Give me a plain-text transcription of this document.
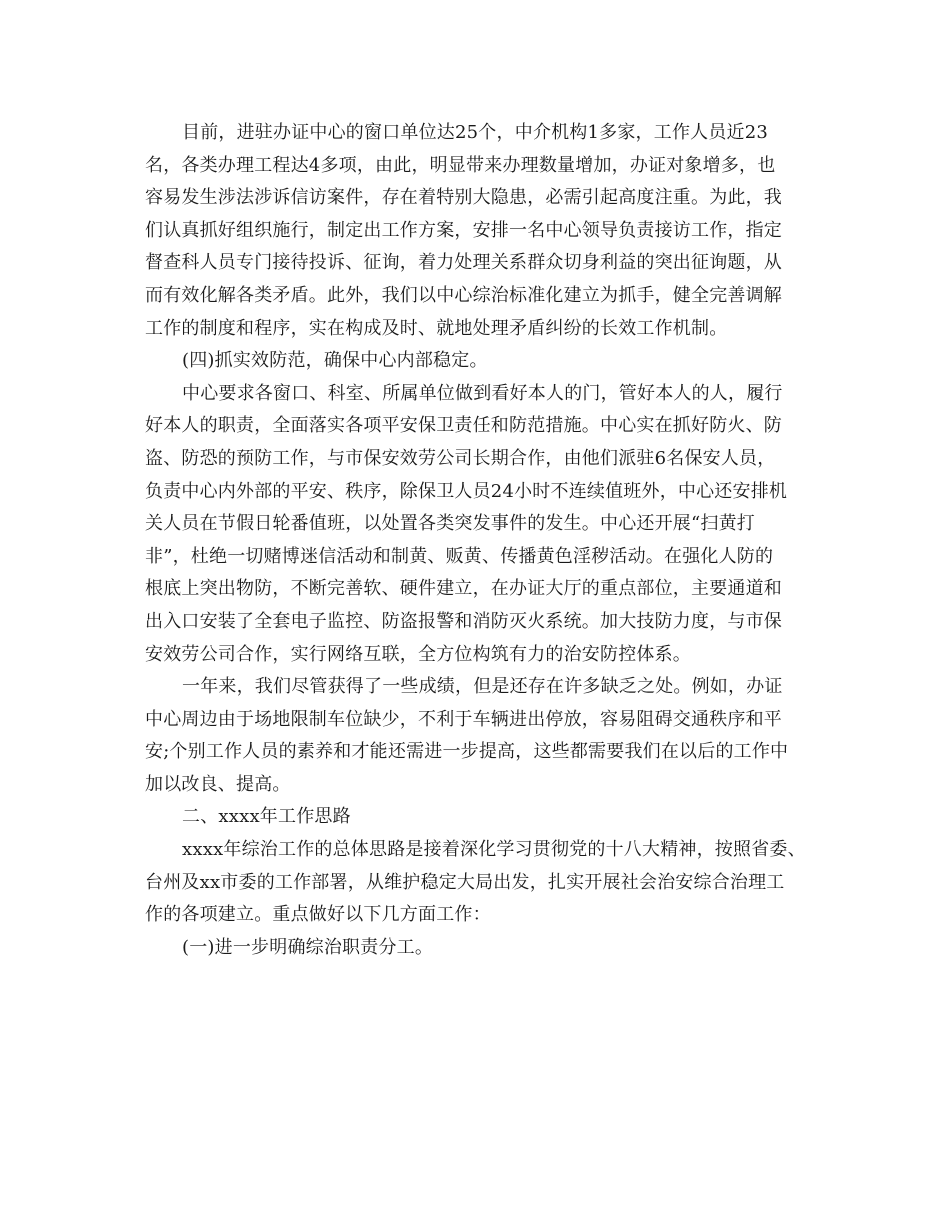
目前，进驻办证中心的窗口单位达25个，中介机构1多家，工作人员近23
名，各类办理工程达4多项，由此，明显带来办理数量增加，办证对象增多，也
容易发生涉法涉诉信访案件，存在着特别大隐患，必需引起高度注重。为此，我
们认真抓好组织施行，制定出工作方案，安排一名中心领导负责接访工作，指定
督查科人员专门接待投诉、征询，着力处理关系群众切身利益的突出征询题，从
而有效化解各类矛盾。此外，我们以中心综治标准化建立为抓手，健全完善调解
工作的制度和程序，实在构成及时、就地处理矛盾纠纷的长效工作机制。
(四)抓实效防范，确保中心内部稳定。
中心要求各窗口、科室、所属单位做到看好本人的门，管好本人的人，履行
好本人的职责，全面落实各项平安保卫责任和防范措施。中心实在抓好防火、防
盗、防恐的预防工作，与市保安效劳公司长期合作，由他们派驻6名保安人员，
负责中心内外部的平安、秩序，除保卫人员24小时不连续值班外，中心还安排机
关人员在节假日轮番值班，以处置各类突发事件的发生。中心还开展“扫黄打
非”，杜绝一切赌博迷信活动和制黄、贩黄、传播黄色淫秽活动。在强化人防的
根底上突出物防，不断完善软、硬件建立，在办证大厅的重点部位，主要通道和
出入口安装了全套电子监控、防盗报警和消防灭火系统。加大技防力度，与市保
安效劳公司合作，实行网络互联，全方位构筑有力的治安防控体系。
一年来，我们尽管获得了一些成绩，但是还存在许多缺乏之处。例如，办证
中心周边由于场地限制车位缺少，不利于车辆进出停放，容易阻碍交通秩序和平
安;个别工作人员的素养和才能还需进一步提高，这些都需要我们在以后的工作中
加以改良、提高。
二、xxxx年工作思路
xxxx年综治工作的总体思路是接着深化学习贯彻党的十八大精神，按照省委、
台州及xx市委的工作部署，从维护稳定大局出发，扎实开展社会治安综合治理工
作的各项建立。重点做好以下几方面工作：
(一)进一步明确综治职责分工。
